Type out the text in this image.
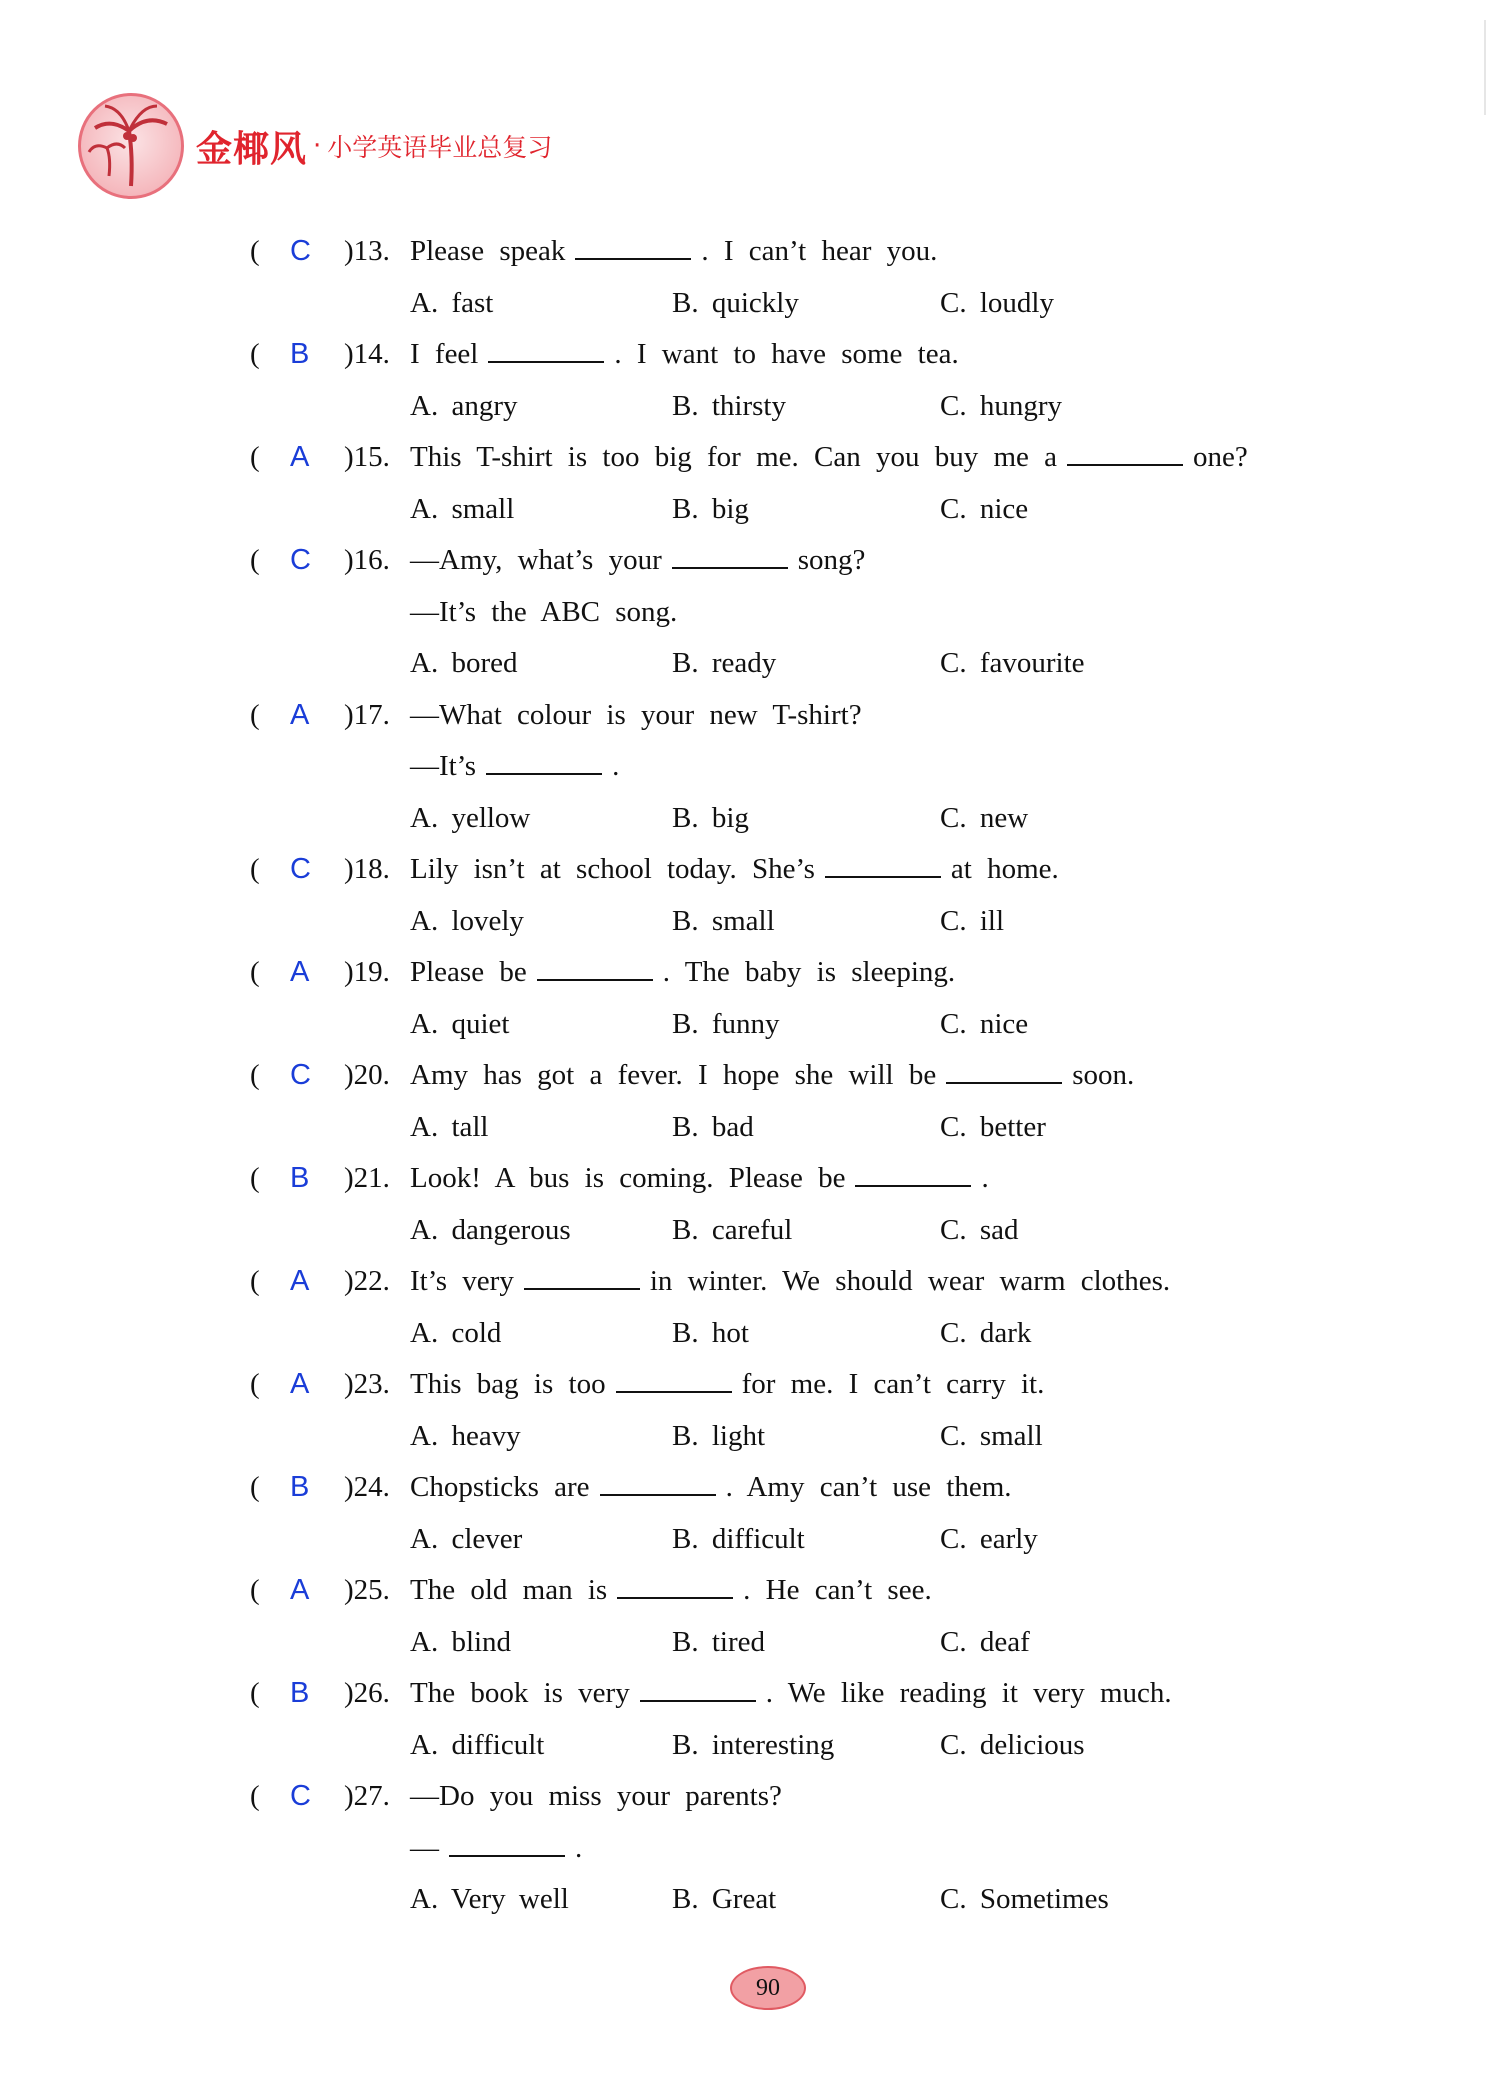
金椰风 · 小学英语毕业总复习
( C )13. Please speak	. I can’t hear you.
A. fast	B. quickly	C. loudly
( B )14. I feel	. I want to have some tea.
A. angry	B. thirsty	C. hungry
( A )15. This T-shirt is too big for me. Can you buy me a	one?
A. small	B. big	C. nice
( C )16. —Amy, what’s your	song?
—It’s the ABC song.
A. bored	B. ready	C. favourite
( A )17. —What colour is your new T-shirt?
—It’s	.
A. yellow	B. big	C. new
( C )18. Lily isn’t at school today. She’s	at home.
A. lovely	B. small	C. ill
( A )19. Please be	. The baby is sleeping.
A. quiet	B. funny	C. nice
( C )20. Amy has got a fever. I hope she will be	soon.
A. tall	B. bad	C. better
( B )21. Look! A bus is coming. Please be	.
A. dangerous	B. careful	C. sad
( A )22. It’s very	in winter. We should wear warm clothes.
A. cold	B. hot	C. dark
( A )23. This bag is too	for me. I can’t carry it.
A. heavy	B. light	C. small
( B )24. Chopsticks are	. Amy can’t use them.
A. clever	B. difficult	C. early
( A )25. The old man is	. He can’t see.
A. blind	B. tired	C. deaf
( B )26. The book is very	. We like reading it very much.
A. difficult	B. interesting	C. delicious
( C )27. —Do you miss your parents?
—	.
A. Very well	B. Great	C. Sometimes
90
